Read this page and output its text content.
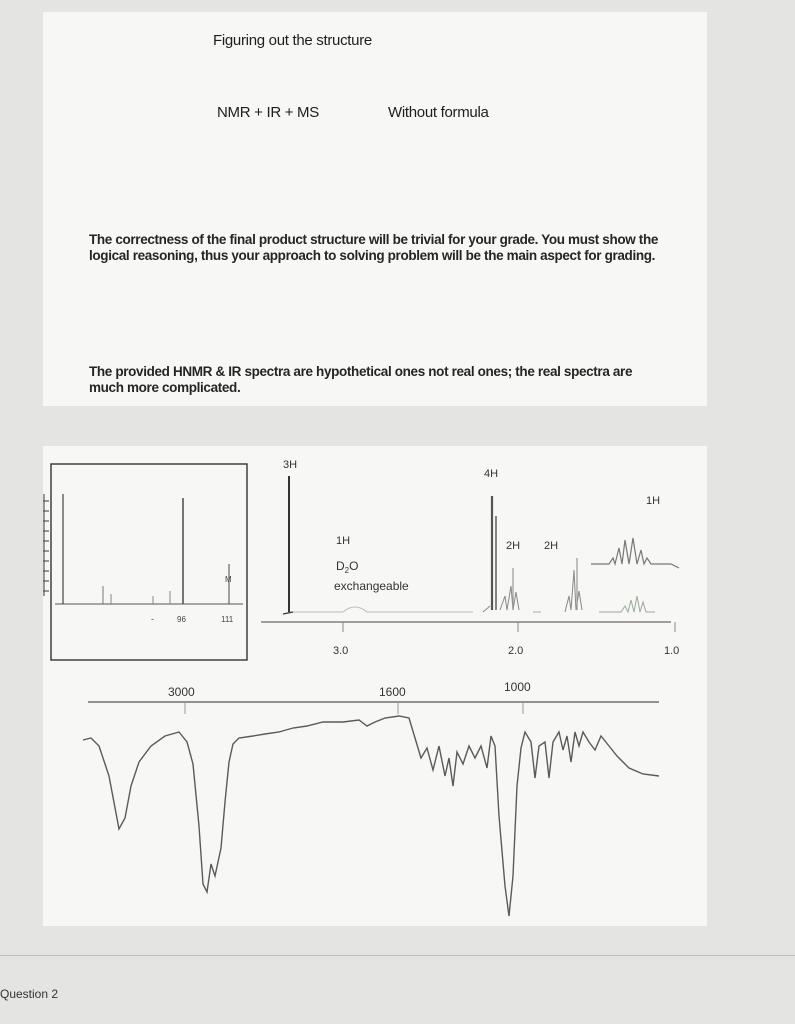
Figuring out the structure
NMR + IR + MS	Without formula
The correctness of the final product structure will be trivial for your grade. You must show the logical reasoning, thus your approach to solving problem will be the main aspect for grading.
The provided HNMR & IR spectra are hypothetical ones not real ones; the real spectra are much more complicated.
-	96	111
M
3H
4H
1H
$D_2O$
exchangeable
2H 2H
1H
3.0	2.0	1.0
3000	1600	1000
Question 2
